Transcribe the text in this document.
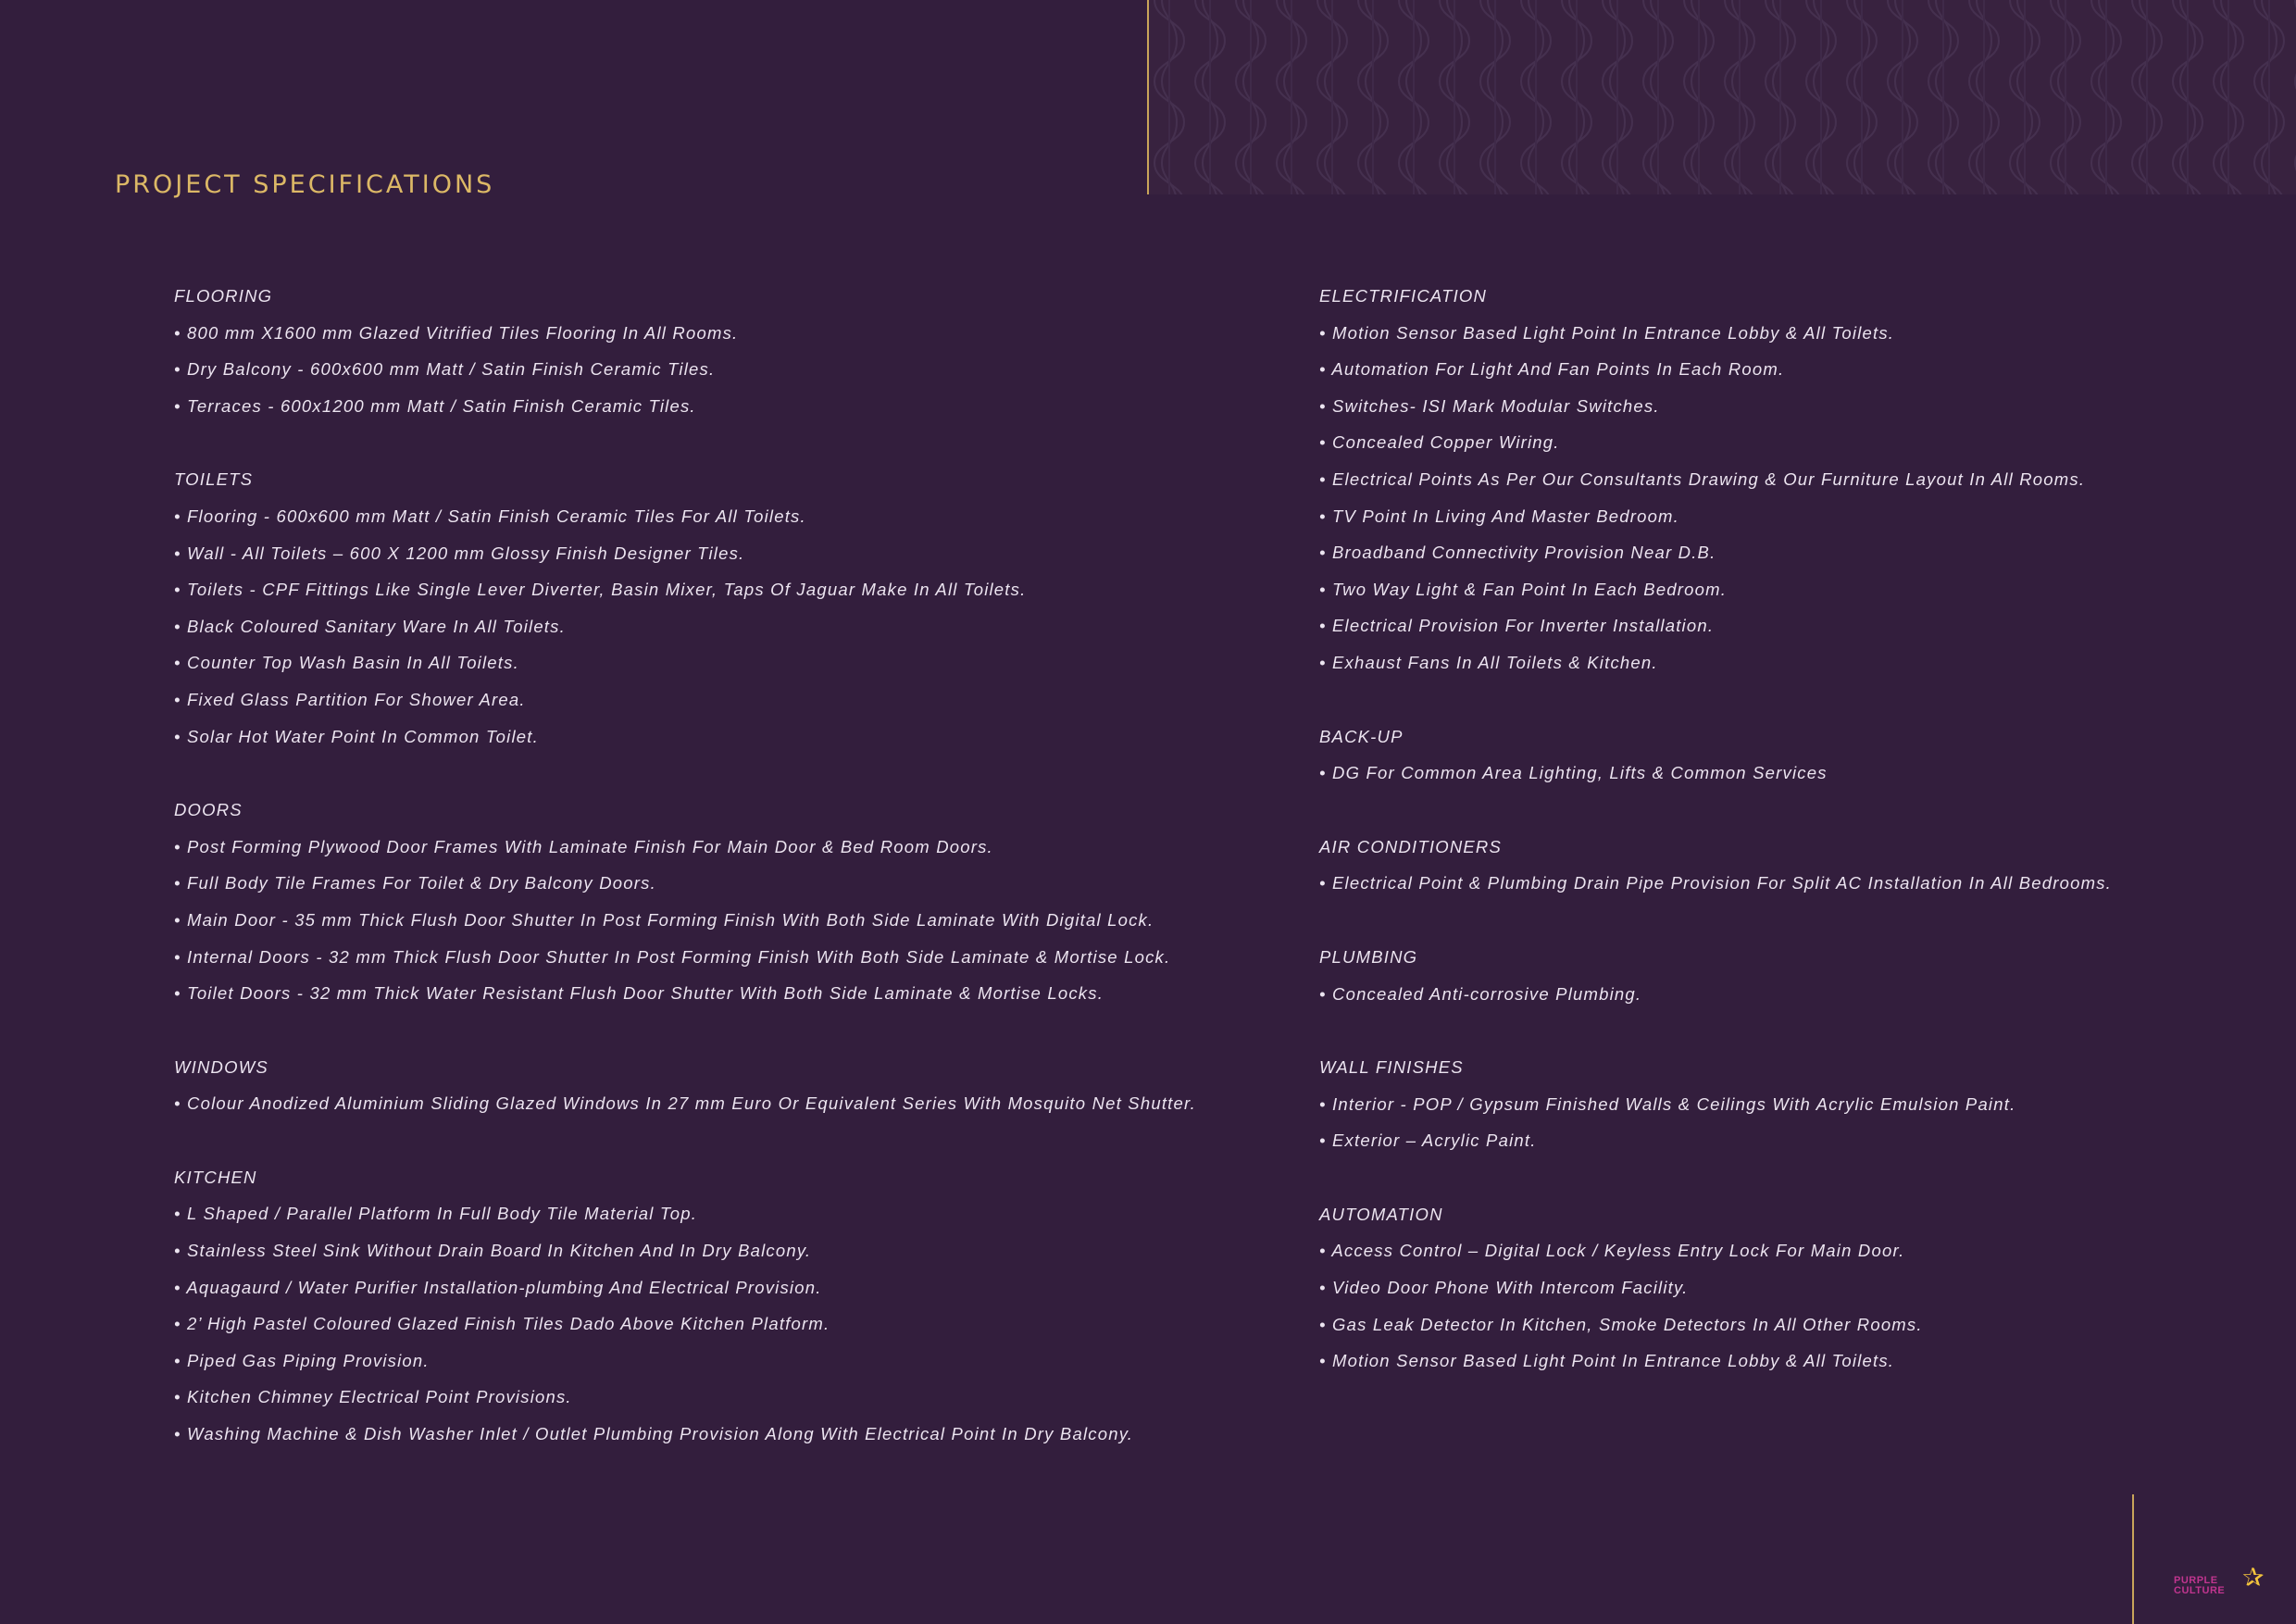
PROJECT SPECIFICATIONS
FLOORING
• 800 mm X1600 mm Glazed Vitrified Tiles Flooring In All Rooms.
• Dry Balcony - 600x600 mm Matt / Satin Finish Ceramic Tiles.
• Terraces - 600x1200 mm Matt / Satin Finish Ceramic Tiles.
TOILETS
• Flooring - 600x600 mm Matt / Satin Finish Ceramic Tiles For All Toilets.
• Wall - All Toilets – 600 X 1200 mm Glossy Finish Designer Tiles.
• Toilets - CPF Fittings Like Single Lever Diverter, Basin Mixer, Taps Of Jaguar Make In All Toilets.
• Black Coloured Sanitary Ware In All Toilets.
• Counter Top Wash Basin In All Toilets.
• Fixed Glass Partition For Shower Area.
• Solar Hot Water Point In Common Toilet.
DOORS
• Post Forming Plywood Door Frames With Laminate Finish For Main Door & Bed Room Doors.
• Full Body Tile Frames For Toilet & Dry Balcony Doors.
• Main Door - 35 mm Thick Flush Door Shutter In Post Forming Finish With Both Side Laminate With Digital Lock.
• Internal Doors - 32 mm Thick Flush Door Shutter In Post Forming Finish With Both Side Laminate & Mortise Lock.
• Toilet Doors - 32 mm Thick Water Resistant Flush Door Shutter With Both Side Laminate & Mortise Locks.
WINDOWS
• Colour Anodized Aluminium Sliding Glazed Windows In 27 mm Euro Or Equivalent Series With Mosquito Net Shutter.
KITCHEN
• L Shaped / Parallel Platform In Full Body Tile Material Top.
• Stainless Steel Sink Without Drain Board In Kitchen And In Dry Balcony.
• Aquagaurd / Water Purifier Installation-plumbing And Electrical Provision.
• 2’ High Pastel Coloured Glazed Finish Tiles Dado Above Kitchen Platform.
• Piped Gas Piping Provision.
• Kitchen Chimney Electrical Point Provisions.
• Washing Machine & Dish Washer Inlet / Outlet Plumbing Provision Along With Electrical Point In Dry Balcony.
ELECTRIFICATION
• Motion Sensor Based Light Point In Entrance Lobby & All Toilets.
• Automation For Light And Fan Points In Each Room.
• Switches- ISI Mark Modular Switches.
• Concealed Copper Wiring.
• Electrical Points As Per Our Consultants Drawing & Our Furniture Layout In All Rooms.
• TV Point In Living And Master Bedroom.
• Broadband Connectivity Provision Near D.B.
• Two Way Light & Fan Point In Each Bedroom.
• Electrical Provision For Inverter Installation.
• Exhaust Fans In All Toilets & Kitchen.
BACK-UP
• DG For Common Area Lighting, Lifts & Common Services
AIR CONDITIONERS
• Electrical Point & Plumbing Drain Pipe Provision For Split AC Installation In All Bedrooms.
PLUMBING
• Concealed Anti-corrosive Plumbing.
WALL FINISHES
• Interior - POP / Gypsum Finished Walls & Ceilings With Acrylic Emulsion Paint.
• Exterior – Acrylic Paint.
AUTOMATION
• Access Control – Digital Lock / Keyless Entry Lock For Main Door.
• Video Door Phone With Intercom Facility.
• Gas Leak Detector In Kitchen, Smoke Detectors In All Other Rooms.
• Motion Sensor Based Light Point In Entrance Lobby & All Toilets.
PURPLE CULTURE ✰
